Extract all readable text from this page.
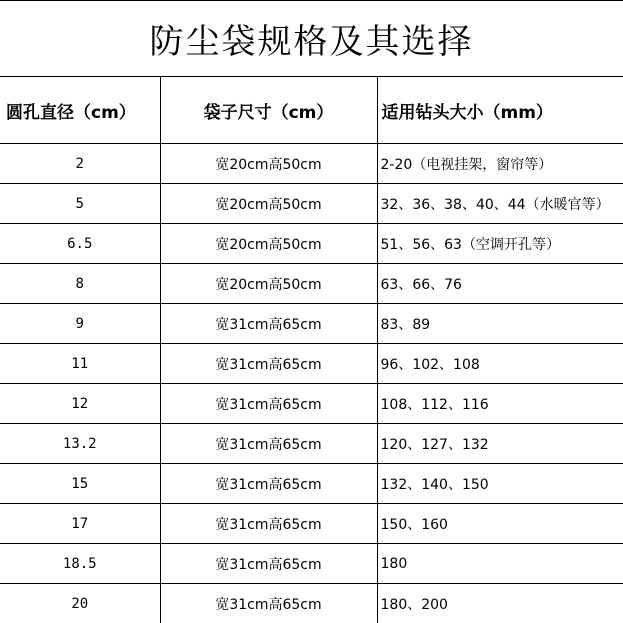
防尘袋规格及其选择
圆孔直径（cm）	袋子尺寸（cm）	适用钻头大小（mm）
2	宽20cm高50cm	2-20（电视挂架，窗帘等）
5	宽20cm高50cm	32、36、38、40、44（水暖官等）
6.5	宽20cm高50cm	51、56、63（空调开孔等）
8	宽20cm高50cm	63、66、76
9	宽31cm高65cm	83、89
11	宽31cm高65cm	96、102、108
12	宽31cm高65cm	108、112、116
13.2	宽31cm高65cm	120、127、132
15	宽31cm高65cm	132、140、150
17	宽31cm高65cm	150、160
18.5	宽31cm高65cm	180
20	宽31cm高65cm	180、200
